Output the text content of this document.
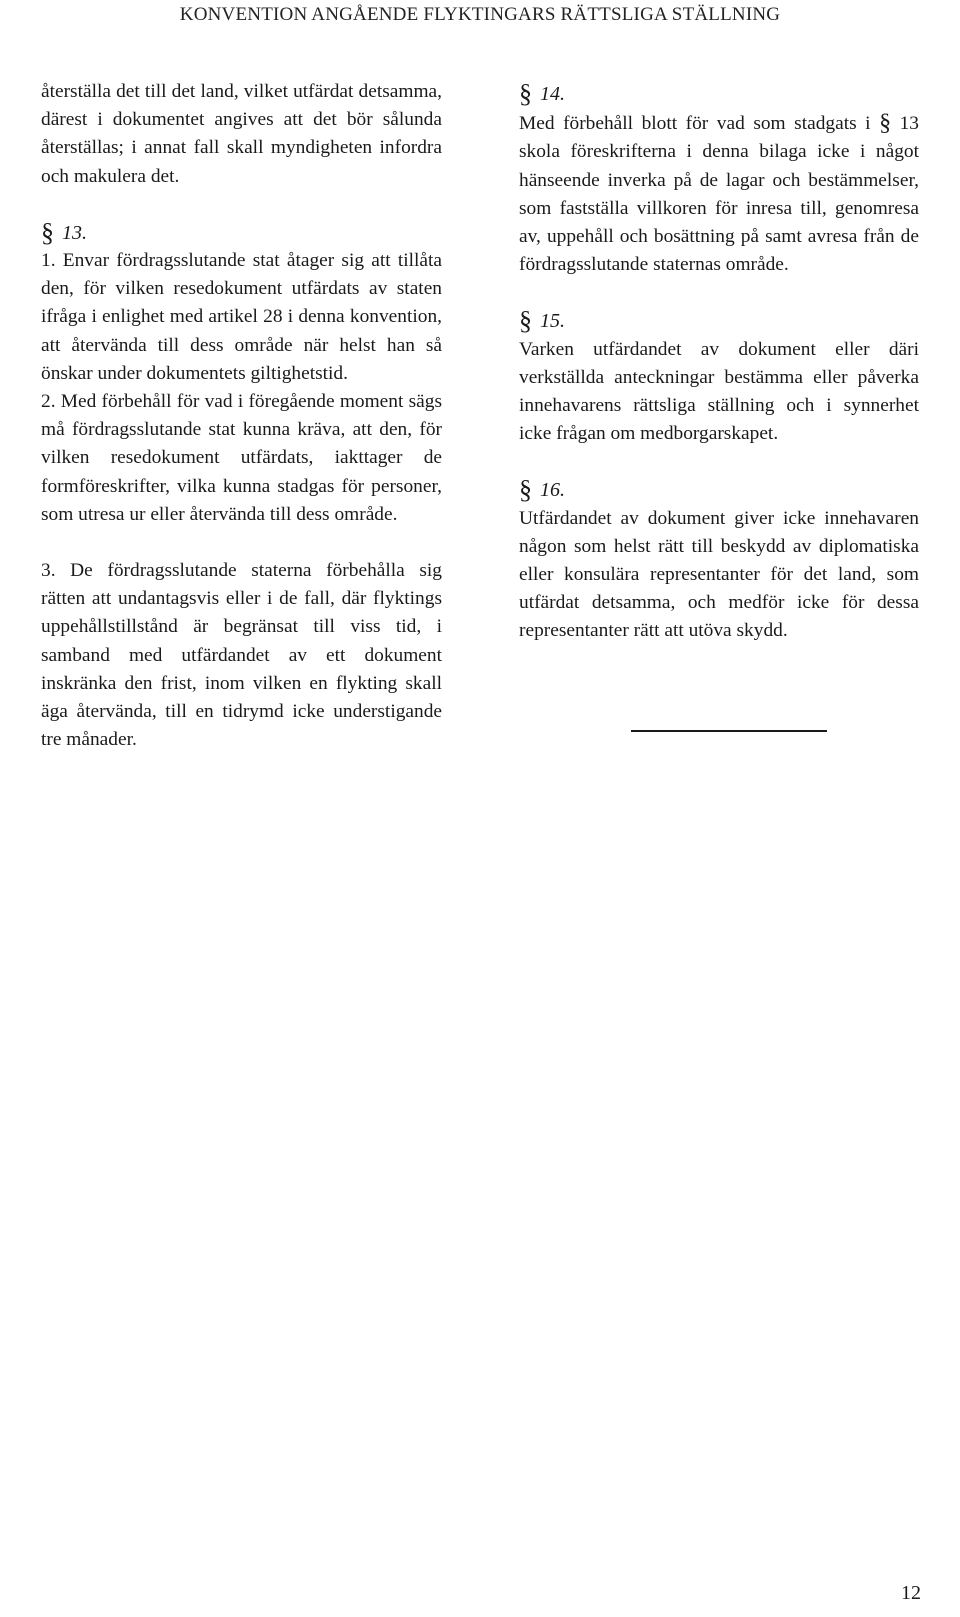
KONVENTION ANGÅENDE FLYKTINGARS RÄTTSLIGA STÄLLNING

återställa det till det land, vilket utfärdat detsamma, därest i dokumentet angives att det bör sålunda återställas; i annat fall skall myndigheten infordra och makulera det.

§ 13.

1. Envar fördragsslutande stat åtager sig att tillåta den, för vilken resedokument utfärdats av staten ifråga i enlighet med artikel 28 i denna konvention, att återvända till dess område när helst han så önskar under dokumentets giltighetstid.

2. Med förbehåll för vad i föregående moment sägs må fördragsslutande stat kunna kräva, att den, för vilken resedokument utfärdats, iakttager de formföreskrifter, vilka kunna stadgas för personer, som utresa ur eller återvända till dess område.

3. De fördragsslutande staterna förbehålla sig rätten att undantagsvis eller i de fall, där flyktings uppehållstillstånd är begränsat till viss tid, i samband med utfärdandet av ett dokument inskränka den frist, inom vilken en flykting skall äga återvända, till en tidrymd icke understigande tre månader.

§ 14.

Med förbehåll blott för vad som stadgats i § 13 skola föreskrifterna i denna bilaga icke i något hänseende inverka på de lagar och bestämmelser, som fastställa villkoren för inresa till, genomresa av, uppehåll och bosättning på samt avresa från de fördragsslutande staternas område.

§ 15.

Varken utfärdandet av dokument eller däri verkställda anteckningar bestämma eller påverka innehavarens rättsliga ställning och i synnerhet icke frågan om medborgarskapet.

§ 16.

Utfärdandet av dokument giver icke innehavaren någon som helst rätt till beskydd av diplomatiska eller konsulära representanter för det land, som utfärdat detsamma, och medför icke för dessa representanter rätt att utöva skydd.

12
